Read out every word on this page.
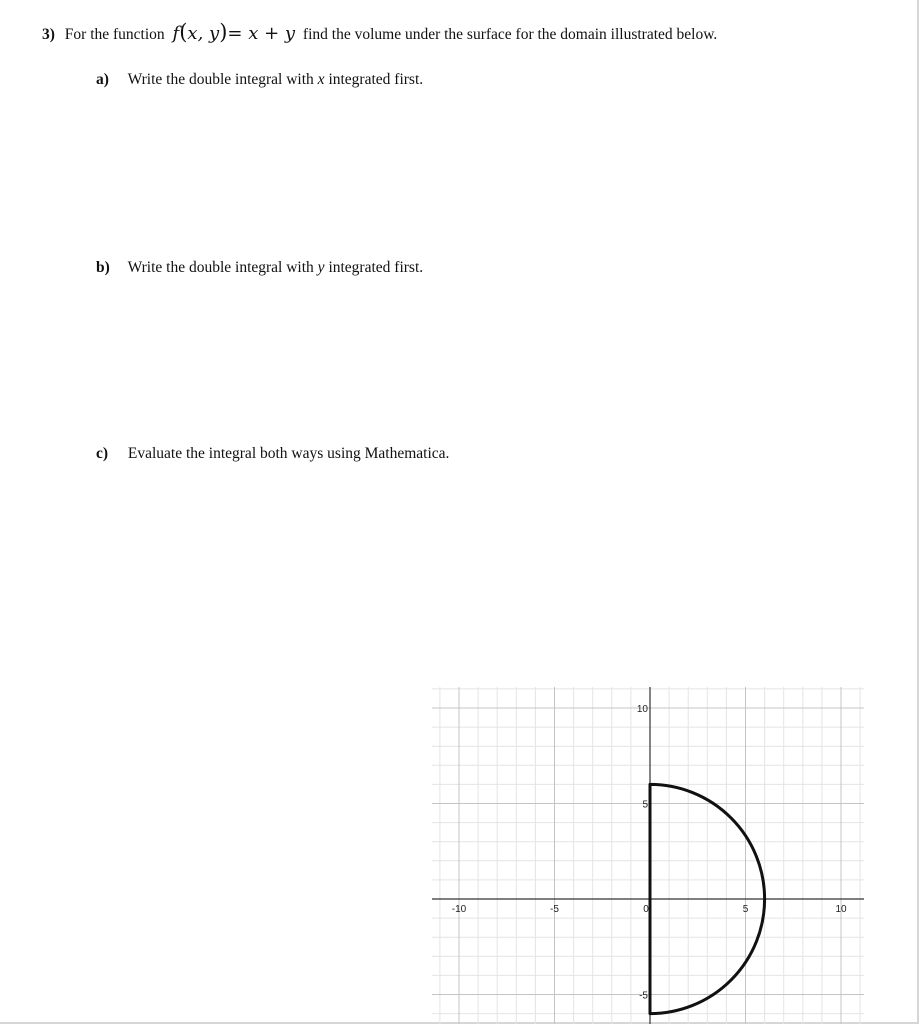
3) For the function f(x, y)= x + y find the volume under the surface for the domain illustrated below.
a) Write the double integral with x integrated first.
b) Write the double integral with y integrated first.
c) Evaluate the integral both ways using Mathematica.
-10	-5	0	5	10
10
5
-5
